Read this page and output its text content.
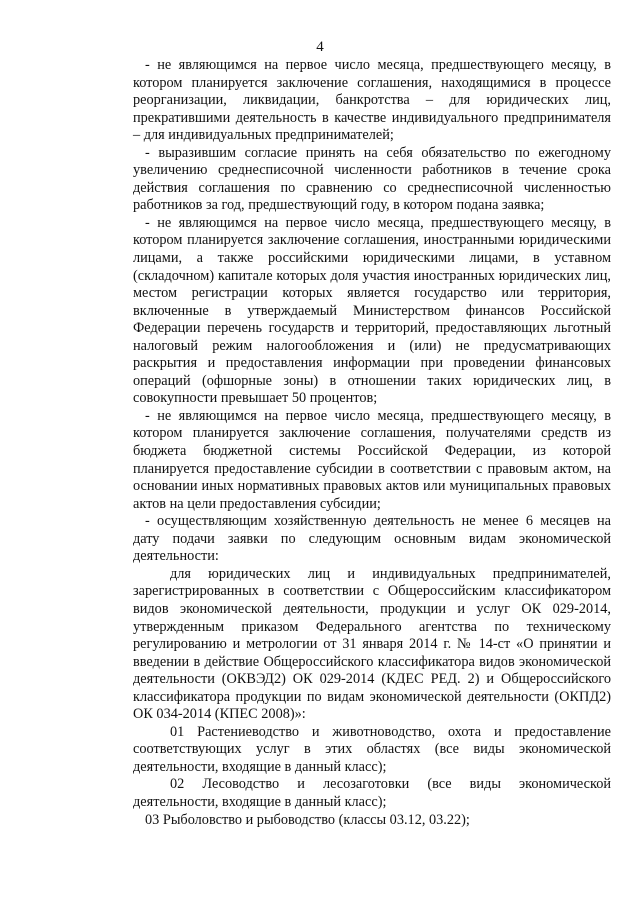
4

- не являющимся на первое число месяца, предшествующего месяцу, в котором планируется заключение соглашения, находящимися в процессе реорганизации, ликвидации, банкротства – для юридических лиц, прекратившими деятельность в качестве индивидуального предпринимателя – для индивидуальных предпринимателей;

- выразившим согласие принять на себя обязательство по ежегодному увеличению среднесписочной численности работников в течение срока действия соглашения по сравнению со среднесписочной численностью работников за год, предшествующий году, в котором подана заявка;

- не являющимся на первое число месяца, предшествующего месяцу, в котором планируется заключение соглашения, иностранными юридическими лицами, а также российскими юридическими лицами, в уставном (складочном) капитале которых доля участия иностранных юридических лиц, местом регистрации которых является государство или территория, включенные в утверждаемый Министерством финансов Российской Федерации перечень государств и территорий, предоставляющих льготный налоговый режим налогообложения и (или) не предусматривающих раскрытия и предоставления информации при проведении финансовых операций (офшорные зоны) в отношении таких юридических лиц, в совокупности превышает 50 процентов;

- не являющимся на первое число месяца, предшествующего месяцу, в котором планируется заключение соглашения, получателями средств из бюджета бюджетной системы Российской Федерации, из которой планируется предоставление субсидии в соответствии с правовым актом, на основании иных нормативных правовых актов или муниципальных правовых актов на цели предоставления субсидии;

- осуществляющим хозяйственную деятельность не менее 6 месяцев на дату подачи заявки по следующим основным видам экономической деятельности:

для юридических лиц и индивидуальных предпринимателей, зарегистрированных в соответствии с Общероссийским классификатором видов экономической деятельности, продукции и услуг ОК 029-2014, утвержденным приказом Федерального агентства по техническому регулированию и метрологии от 31 января 2014 г. № 14-ст «О принятии и введении в действие Общероссийского классификатора видов экономической деятельности (ОКВЭД2) ОК 029-2014 (КДЕС РЕД. 2) и Общероссийского классификатора продукции по видам экономической деятельности (ОКПД2) ОК 034-2014 (КПЕС 2008)»:

01 Растениеводство и животноводство, охота и предоставление соответствующих услуг в этих областях (все виды экономической деятельности, входящие в данный класс);

02 Лесоводство и лесозаготовки (все виды экономической деятельности, входящие в данный класс);

03 Рыболовство и рыбоводство (классы 03.12, 03.22);
